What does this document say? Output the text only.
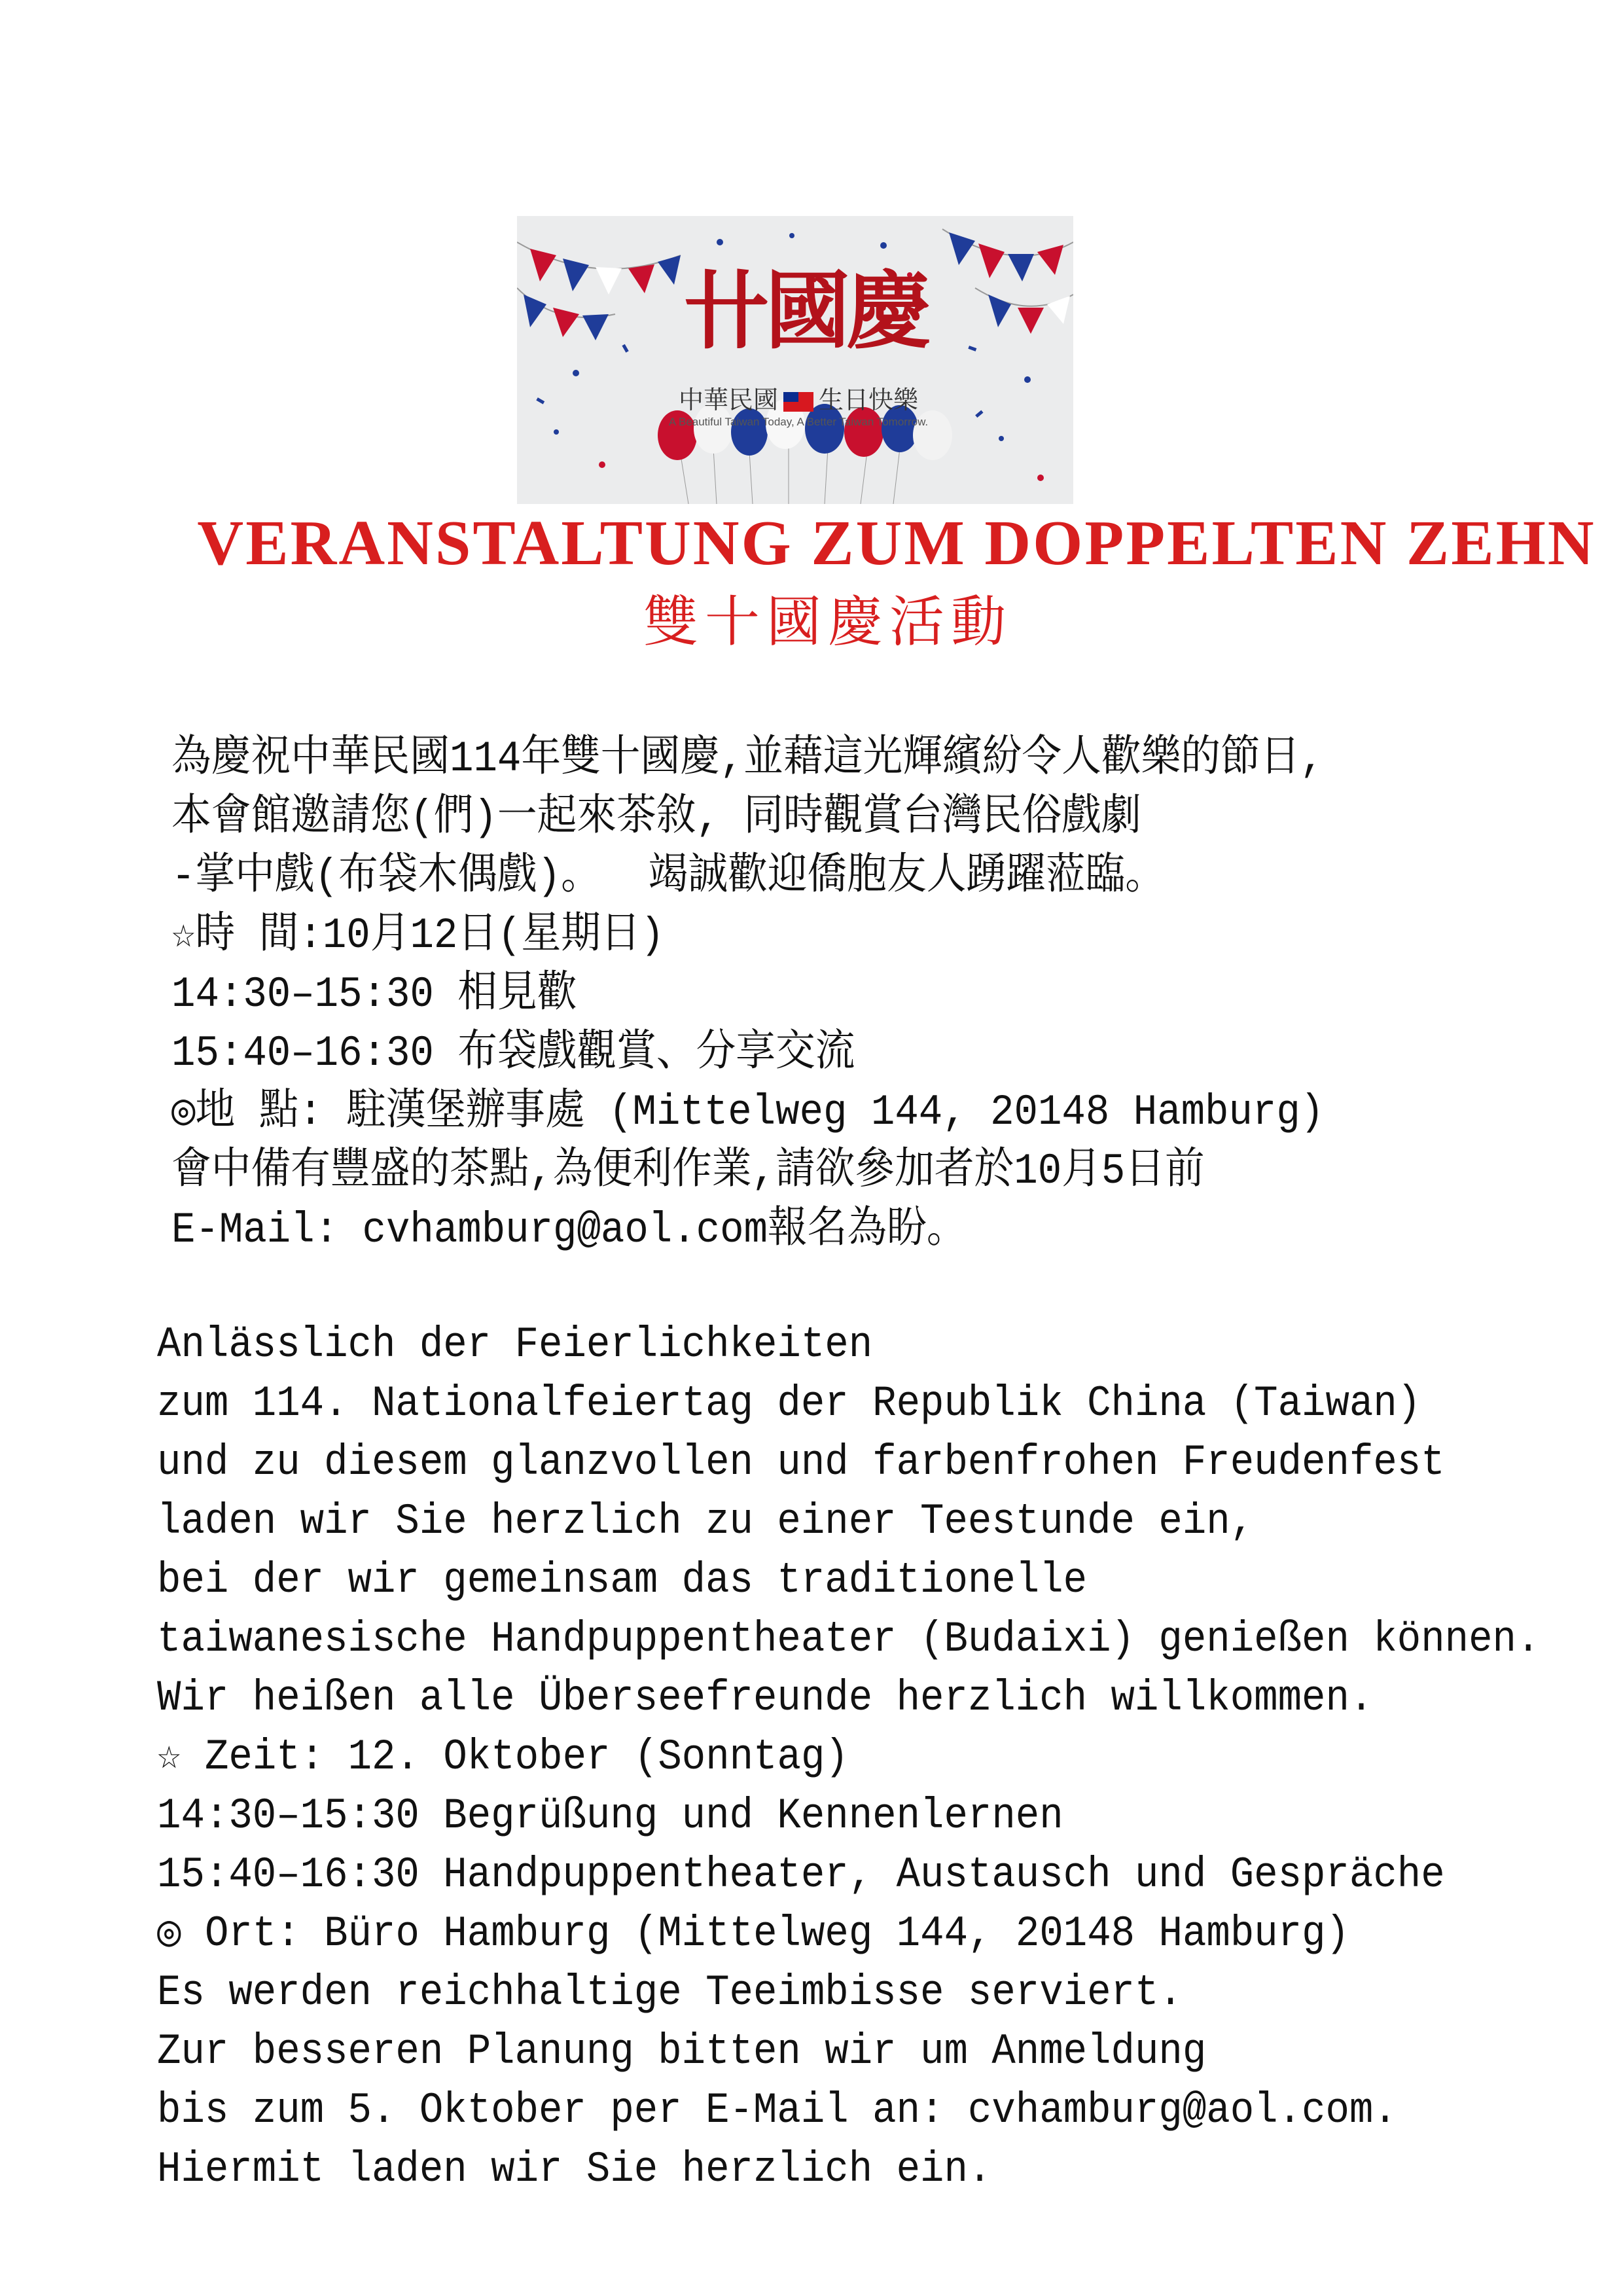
卄國慶
中華民國 生日快樂
A Beautiful Taiwan Today, A Better Taiwan Tomorrow.
VERANSTALTUNG ZUM DOPPELTEN ZEHN
雙十國慶活動

為慶祝中華民國114年雙十國慶,並藉這光輝繽紛令人歡樂的節日,

本會館邀請您(們)一起來茶敘, 同時觀賞台灣民俗戲劇

-掌中戲(布袋木偶戲)。  竭誠歡迎僑胞友人踴躍蒞臨。

☆時 間:10月12日(星期日)

14:30–15:30 相見歡

15:40–16:30 布袋戲觀賞、分享交流

◎地 點: 駐漢堡辦事處 (Mittelweg 144, 20148 Hamburg)

會中備有豐盛的茶點,為便利作業,請欲參加者於10月5日前

E-Mail: cvhamburg@aol.com報名為盼。

Anlässlich der Feierlichkeiten

zum 114. Nationalfeiertag der Republik China (Taiwan)

und zu diesem glanzvollen und farbenfrohen Freudenfest

laden wir Sie herzlich zu einer Teestunde ein,

bei der wir gemeinsam das traditionelle

taiwanesische Handpuppentheater (Budaixi) genießen können.

Wir heißen alle Überseefreunde herzlich willkommen.

☆ Zeit: 12. Oktober (Sonntag)

14:30–15:30 Begrüßung und Kennenlernen

15:40–16:30 Handpuppentheater, Austausch und Gespräche

◎ Ort: Büro Hamburg (Mittelweg 144, 20148 Hamburg)

Es werden reichhaltige Teeimbisse serviert.

Zur besseren Planung bitten wir um Anmeldung

bis zum 5. Oktober per E-Mail an: cvhamburg@aol.com.

Hiermit laden wir Sie herzlich ein.
